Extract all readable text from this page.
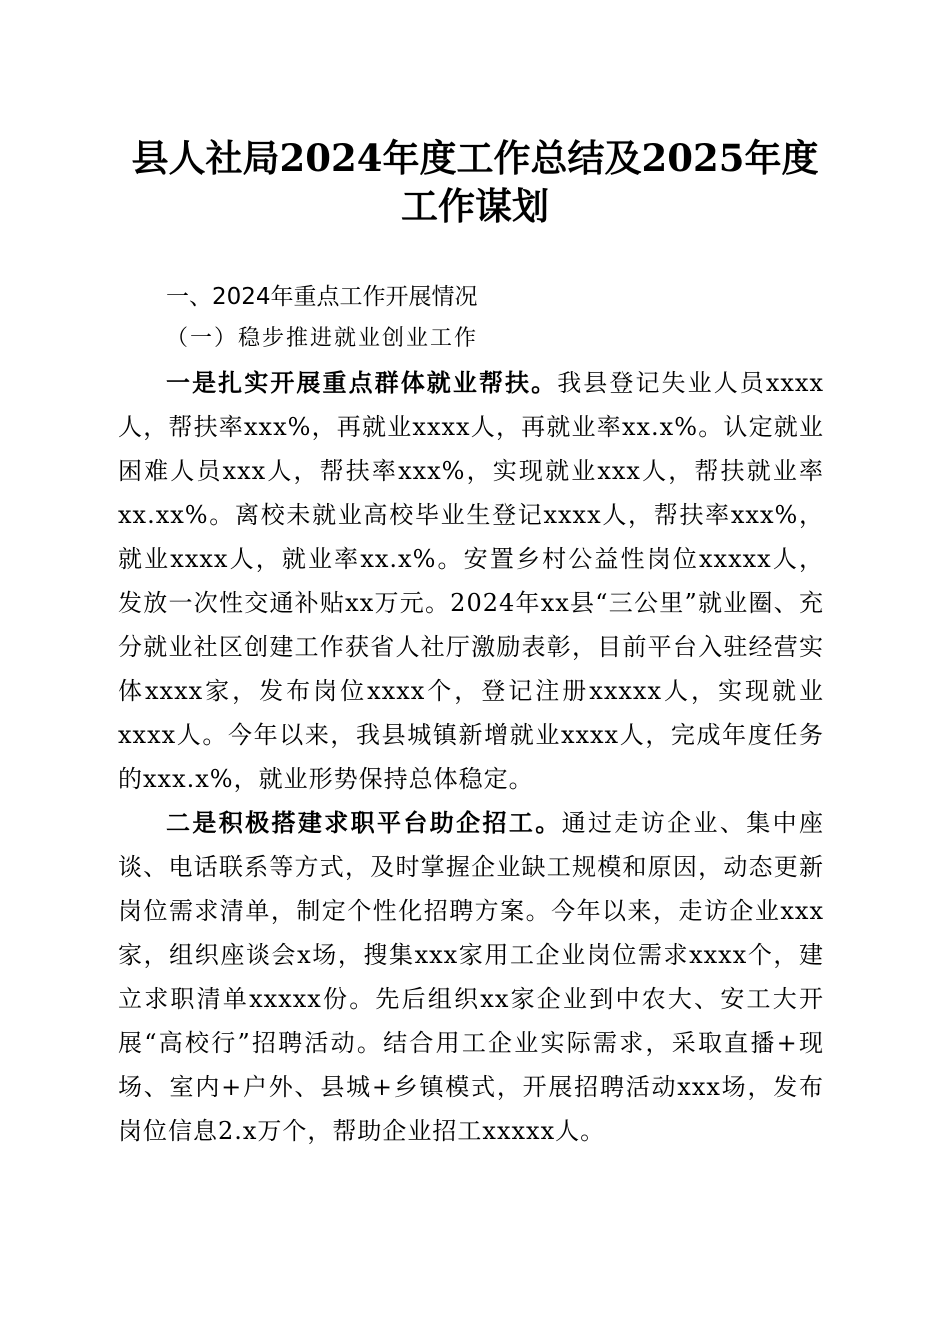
县人社局2024年度工作总结及2025年度工作谋划

一、2024年重点工作开展情况

（一）稳步推进就业创业工作

一是扎实开展重点群体就业帮扶。我县登记失业人员xxxx人，帮扶率xxx%，再就业xxxx人，再就业率xx.x%。认定就业困难人员xxx人，帮扶率xxx%，实现就业xxx人，帮扶就业率xx.xx%。离校未就业高校毕业生登记xxxx人，帮扶率xxx%，就业xxxx人，就业率xx.x%。安置乡村公益性岗位xxxxx人，发放一次性交通补贴xx万元。2024年xx县“三公里”就业圈、充分就业社区创建工作获省人社厅激励表彰，目前平台入驻经营实体xxxx家，发布岗位xxxx个，登记注册xxxxx人，实现就业xxxx人。今年以来，我县城镇新增就业xxxx人，完成年度任务的xxx.x%，就业形势保持总体稳定。

二是积极搭建求职平台助企招工。通过走访企业、集中座谈、电话联系等方式，及时掌握企业缺工规模和原因，动态更新岗位需求清单，制定个性化招聘方案。今年以来，走访企业xxx家，组织座谈会x场，搜集xxx家用工企业岗位需求xxxx个，建立求职清单xxxxx份。先后组织xx家企业到中农大、安工大开展“高校行”招聘活动。结合用工企业实际需求，采取直播+现场、室内+户外、县城+乡镇模式，开展招聘活动xxx场，发布岗位信息2.x万个，帮助企业招工xxxxx人。
